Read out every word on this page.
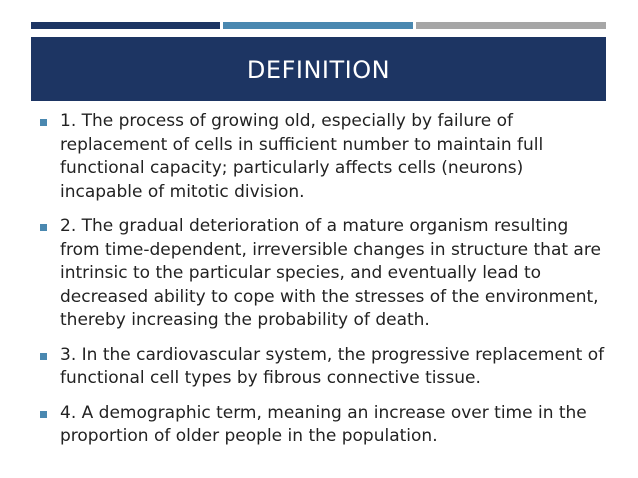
DEFINITION
1. The process of growing old, especially by failure of replacement of cells in sufficient number to maintain full functional capacity; particularly affects cells (neurons) incapable of mitotic division.
2. The gradual deterioration of a mature organism resulting from time-dependent, irreversible changes in structure that are intrinsic to the particular species, and eventually lead to decreased ability to cope with the stresses of the environment, thereby increasing the probability of death.
3. In the cardiovascular system, the progressive replacement of functional cell types by fibrous connective tissue.
4. A demographic term, meaning an increase over time in the proportion of older people in the population.
